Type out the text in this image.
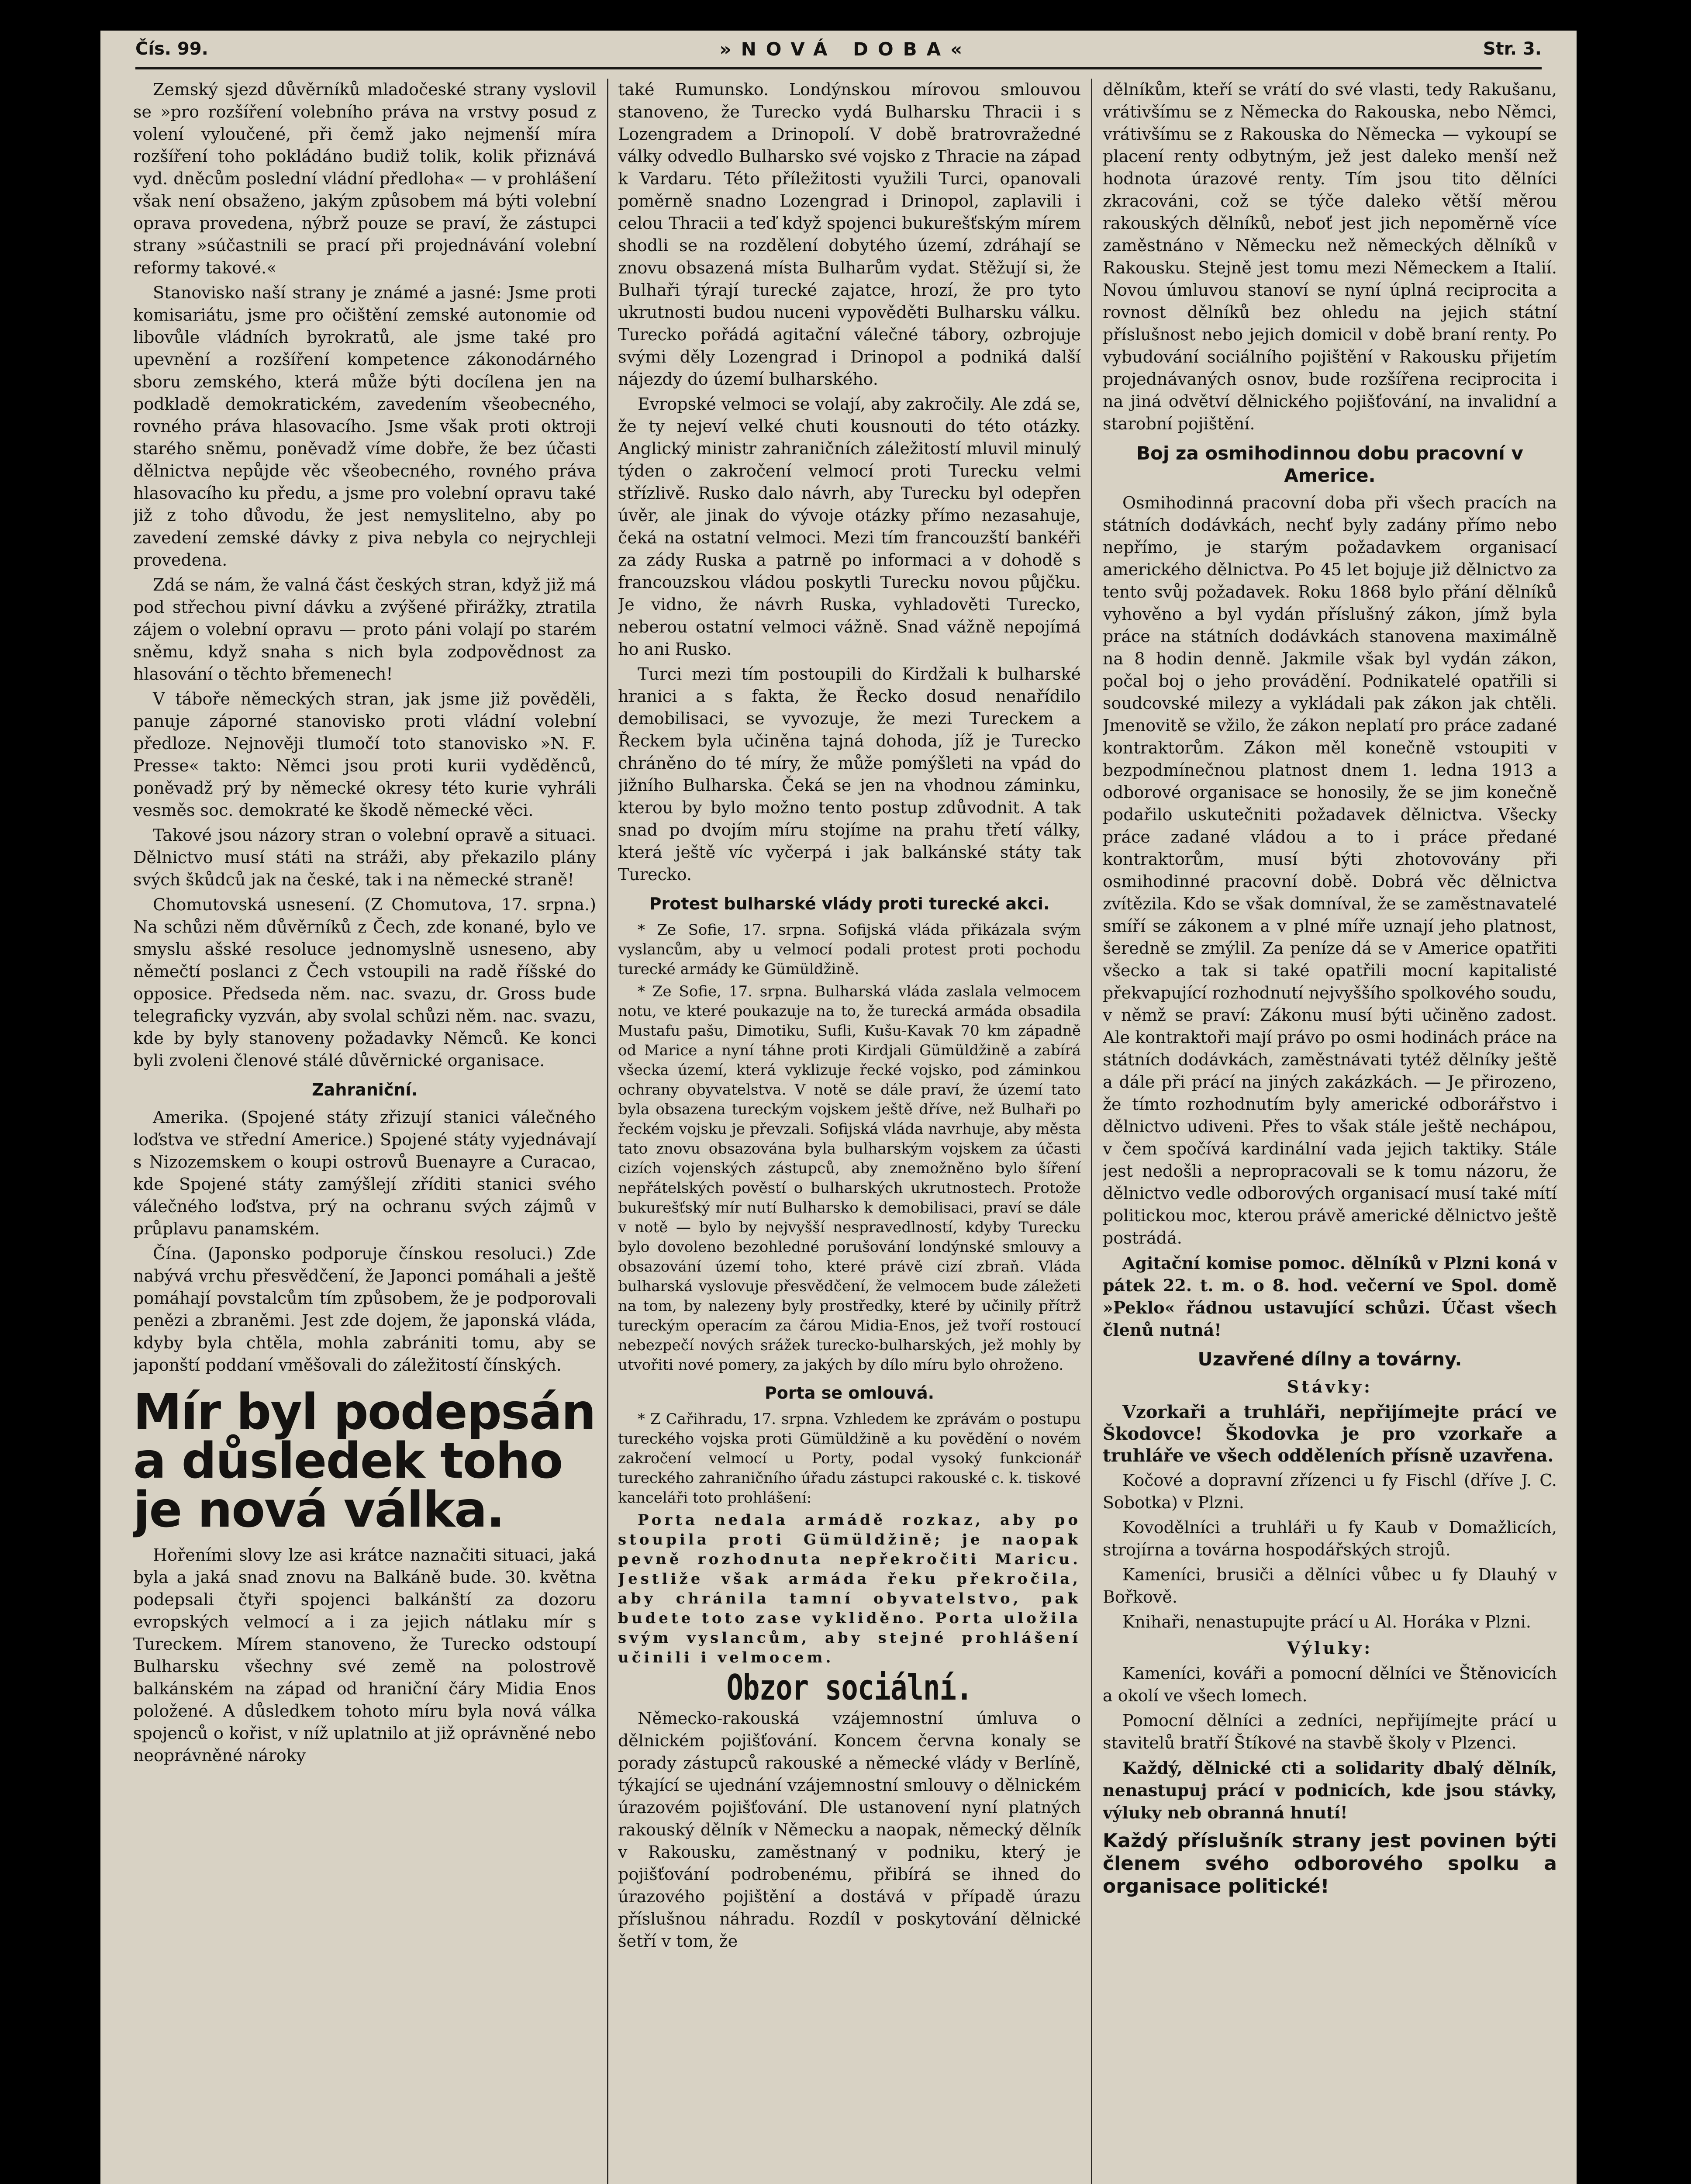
Čís. 99.	»NOVÁ DOBA«	Str. 3.

Zemský sjezd důvěrníků mladočeské strany vyslovil se »pro rozšíření volebního práva na vrstvy posud z volení vyloučené, při čemž jako nejmenší míra rozšíření toho pokládáno budiž tolik, kolik přiznává vyd. dněcům poslední vládní předloha« — v prohlášení však není obsaženo, jakým způsobem má býti volební oprava provedena, nýbrž pouze se praví, že zástupci strany »súčastnili se prací při projednávání volební reformy takové.«

Stanovisko naší strany je známé a jasné: Jsme proti komisariátu, jsme pro očištění zemské autonomie od libovůle vládních byrokratů, ale jsme také pro upevnění a rozšíření kompetence zákonodárného sboru zemského, která může býti docílena jen na podkladě demokratickém, zavedením všeobecného, rovného práva hlasovacího. Jsme však proti oktroji starého sněmu, poněvadž víme dobře, že bez účasti dělnictva nepůjde věc všeobecného, rovného práva hlasovacího ku předu, a jsme pro volební opravu také již z toho důvodu, že jest nemyslitelno, aby po zavedení zemské dávky z piva nebyla co nejrychleji provedena.

Zdá se nám, že valná část českých stran, když již má pod střechou pivní dávku a zvýšené přirážky, ztratila zájem o volební opravu — proto páni volají po starém sněmu, když snaha s nich byla zodpovědnost za hlasování o těchto břemenech!

V táboře německých stran, jak jsme již pověděli, panuje záporné stanovisko proti vládní volební předloze. Nejnověji tlumočí toto stanovisko »N. F. Presse« takto: Němci jsou proti kurii vyděděnců, poněvadž prý by německé okresy této kurie vyhráli vesměs soc. demokraté ke škodě německé věci.

Takové jsou názory stran o volební opravě a situaci. Dělnictvo musí státi na stráži, aby překazilo plány svých škůdců jak na české, tak i na německé straně!

Chomutovská usnesení. (Z Chomutova, 17. srpna.) Na schůzi něm důvěrníků z Čech, zde konané, bylo ve smyslu ašské resoluce jednomyslně usneseno, aby němečtí poslanci z Čech vstoupili na radě říšské do opposice. Předseda něm. nac. svazu, dr. Gross bude telegraficky vyzván, aby svolal schůzi něm. nac. svazu, kde by byly stanoveny požadavky Němců. Ke konci byli zvoleni členové stálé důvěrnické organisace.

Zahraniční.

Amerika. (Spojené státy zřizují stanici válečného loďstva ve střední Americe.) Spojené státy vyjednávají s Nizozemskem o koupi ostrovů Buenayre a Curacao, kde Spojené státy zamýšlejí zříditi stanici svého válečného loďstva, prý na ochranu svých zájmů v průplavu panamském.

Čína. (Japonsko podporuje čínskou resoluci.) Zde nabývá vrchu přesvědčení, že Japonci pomáhali a ještě pomáhají povstalcům tím způsobem, že je podporovali penězi a zbraněmi. Jest zde dojem, že japonská vláda, kdyby byla chtěla, mohla zabrániti tomu, aby se japonští poddaní vměšovali do záležitostí čínských.

Mír byl podepsán a důsledek toho je nová válka.

Hořeními slovy lze asi krátce naznačiti situaci, jaká byla a jaká snad znovu na Balkáně bude. 30. května podepsali čtyři spojenci balkánští za dozoru evropských velmocí a i za jejich nátlaku mír s Tureckem. Mírem stanoveno, že Turecko odstoupí Bulharsku všechny své země na polostrově balkánském na západ od hraniční čáry Midia Enos položené. A důsledkem tohoto míru byla nová válka spojenců o kořist, v níž uplatnilo at již oprávněné nebo neoprávněné nároky

také Rumunsko. Londýnskou mírovou smlouvou stanoveno, že Turecko vydá Bulharsku Thracii i s Lozengradem a Drinopolí. V době bratrovražedné války odvedlo Bulharsko své vojsko z Thracie na západ k Vardaru. Této příležitosti využili Turci, opanovali poměrně snadno Lozengrad i Drinopol, zaplavili i celou Thracii a teď když spojenci bukurešťským mírem shodli se na rozdělení dobytého území, zdráhají se znovu obsazená místa Bulharům vydat. Stěžují si, že Bulhaři týrají turecké zajatce, hrozí, že pro tyto ukrutnosti budou nuceni vypověděti Bulharsku válku. Turecko pořádá agitační válečné tábory, ozbrojuje svými děly Lozengrad i Drinopol a podniká další nájezdy do území bulharského.

Evropské velmoci se volají, aby zakročily. Ale zdá se, že ty nejeví velké chuti kousnouti do této otázky. Anglický ministr zahraničních záležitostí mluvil minulý týden o zakročení velmocí proti Turecku velmi střízlivě. Rusko dalo návrh, aby Turecku byl odepřen úvěr, ale jinak do vývoje otázky přímo nezasahuje, čeká na ostatní velmoci. Mezi tím francouzští bankéři za zády Ruska a patrně po informaci a v dohodě s francouzskou vládou poskytli Turecku novou půjčku. Je vidno, že návrh Ruska, vyhladověti Turecko, neberou ostatní velmoci vážně. Snad vážně nepojímá ho ani Rusko.

Turci mezi tím postoupili do Kirdžali k bulharské hranici a s fakta, že Řecko dosud nenařídilo demobilisaci, se vyvozuje, že mezi Tureckem a Řeckem byla učiněna tajná dohoda, jíž je Turecko chráněno do té míry, že může pomýšleti na vpád do jižního Bulharska. Čeká se jen na vhodnou záminku, kterou by bylo možno tento postup zdůvodnit. A tak snad po dvojím míru stojíme na prahu třetí války, která ještě víc vyčerpá i jak balkánské státy tak Turecko.

Protest bulharské vlády proti turecké akci.

* Ze Sofie, 17. srpna. Sofijská vláda přikázala svým vyslancům, aby u velmocí podali protest proti pochodu turecké armády ke Gümüldžině.

* Ze Sofie, 17. srpna. Bulharská vláda zaslala velmocem notu, ve které poukazuje na to, že turecká armáda obsadila Mustafu pašu, Dimotiku, Sufli, Kušu-Kavak 70 km západně od Marice a nyní táhne proti Kirdjali Gümüldžině a zabírá všecka území, která vyklizuje řecké vojsko, pod záminkou ochrany obyvatelstva. V notě se dále praví, že území tato byla obsazena tureckým vojskem ještě dříve, než Bulhaři po řeckém vojsku je převzali. Sofijská vláda navrhuje, aby města tato znovu obsazována byla bulharským vojskem za účasti cizích vojenských zástupců, aby znemožněno bylo šíření nepřátelských pověstí o bulharských ukrutnostech. Protože bukurešťský mír nutí Bulharsko k demobilisaci, praví se dále v notě — bylo by nejvyšší nespravedlností, kdyby Turecku bylo dovoleno bezohledné porušování londýnské smlouvy a obsazování území toho, které právě cizí zbraň. Vláda bulharská vyslovuje přesvědčení, že velmocem bude záležeti na tom, by nalezeny byly prostředky, které by učinily přítrž tureckým operacím za čárou Midia-Enos, jež tvoří rostoucí nebezpečí nových srážek turecko-bulharských, jež mohly by utvořiti nové pomery, za jakých by dílo míru bylo ohroženo.

Porta se omlouvá.

* Z Cařihradu, 17. srpna. Vzhledem ke zprávám o postupu tureckého vojska proti Gümüldžině a ku povědění o novém zakročení velmocí u Porty, podal vysoký funkcionář tureckého zahraničního úřadu zástupci rakouské c. k. tiskové kanceláři toto prohlášení:

Porta nedala armádě rozkaz, aby po stoupila proti Gümüldžině; je naopak pevně rozhodnuta nepřekročiti Maricu. Jestliže však armáda řeku překročila, aby chránila tamní obyvatelstvo, pak budete toto zase vykliděno. Porta uložila svým vyslancům, aby stejné prohlášení učinili i velmocem.

Obzor sociální.

Německo-rakouská vzájemnostní úmluva o dělnickém pojišťování. Koncem června konaly se porady zástupců rakouské a německé vlády v Berlíně, týkající se ujednání vzájemnostní smlouvy o dělnickém úrazovém pojišťování. Dle ustanovení nyní platných rakouský dělník v Německu a naopak, německý dělník v Rakousku, zaměstnaný v podniku, který je pojišťování podrobenému, přibírá se ihned do úrazového pojištění a dostává v případě úrazu příslušnou náhradu. Rozdíl v poskytování dělnické šetří v tom, že

dělníkům, kteří se vrátí do své vlasti, tedy Rakušanu, vrátivšímu se z Německa do Rakouska, nebo Němci, vrátivšímu se z Rakouska do Německa — vykoupí se placení renty odbytným, jež jest daleko menší než hodnota úrazové renty. Tím jsou tito dělníci zkracováni, což se týče daleko větší měrou rakouských dělníků, neboť jest jich nepoměrně více zaměstnáno v Německu než německých dělníků v Rakousku. Stejně jest tomu mezi Německem a Italií. Novou úmluvou stanoví se nyní úplná reciprocita a rovnost dělníků bez ohledu na jejich státní příslušnost nebo jejich domicil v době braní renty. Po vybudování sociálního pojištění v Rakousku přijetím projednávaných osnov, bude rozšířena reciprocita i na jiná odvětví dělnického pojišťování, na invalidní a starobní pojištění.

Boj za osmihodinnou dobu pracovní v Americe.

Osmihodinná pracovní doba při všech pracích na státních dodávkách, nechť byly zadány přímo nebo nepřímo, je starým požadavkem organisací amerického dělnictva. Po 45 let bojuje již dělnictvo za tento svůj požadavek. Roku 1868 bylo přání dělníků vyhověno a byl vydán příslušný zákon, jímž byla práce na státních dodávkách stanovena maximálně na 8 hodin denně. Jakmile však byl vydán zákon, počal boj o jeho provádění. Podnikatelé opatřili si soudcovské milezy a vykládali pak zákon jak chtěli. Jmenovitě se vžilo, že zákon neplatí pro práce zadané kontraktorům. Zákon měl konečně vstoupiti v bezpodmínečnou platnost dnem 1. ledna 1913 a odborové organisace se honosily, že se jim konečně podařilo uskutečniti požadavek dělnictva. Všecky práce zadané vládou a to i práce předané kontraktorům, musí býti zhotovovány při osmihodinné pracovní době. Dobrá věc dělnictva zvítězila. Kdo se však domníval, že se zaměstnavatelé smíří se zákonem a v plné míře uznají jeho platnost, šeredně se zmýlil. Za peníze dá se v Americe opatřiti všecko a tak si také opatřili mocní kapitalisté překvapující rozhodnutí nejvyššího spolkového soudu, v němž se praví: Zákonu musí býti učiněno zadost. Ale kontraktoři mají právo po osmi hodinách práce na státních dodávkách, zaměstnávati tytéž dělníky ještě a dále při prácí na jiných zakázkách. — Je přirozeno, že tímto rozhodnutím byly americké odborářstvo i dělnictvo udiveni. Přes to však stále ještě nechápou, v čem spočívá kardinální vada jejich taktiky. Stále jest nedošli a nepropracovali se k tomu názoru, že dělnictvo vedle odborových organisací musí také mítí politickou moc, kterou právě americké dělnictvo ještě postrádá.

Agitační komise pomoc. dělníků v Plzni koná v pátek 22. t. m. o 8. hod. večerní ve Spol. domě »Peklo« řádnou ustavující schůzi. Účast všech členů nutná!

Uzavřené dílny a továrny.
Stávky:

Vzorkaři a truhláři, nepřijímejte prácí ve Škodovce! Škodovka je pro vzorkaře a truhláře ve všech odděleních přísně uzavřena.

Kočové a dopravní zřízenci u fy Fischl (dříve J. C. Sobotka) v Plzni.

Kovodělníci a truhláři u fy Kaub v Domažlicích, strojírna a továrna hospodářských strojů.

Kameníci, brusiči a dělníci vůbec u fy Dlauhý v Bořkově.

Knihaři, nenastupujte prácí u Al. Horáka v Plzni.

Výluky:

Kameníci, kováři a pomocní dělníci ve Štěnovicích a okolí ve všech lomech.

Pomocní dělníci a zedníci, nepřijímejte prácí u stavitelů bratří Štíkové na stavbě školy v Plzenci.

Každý, dělnické cti a solidarity dbalý dělník, nenastupuj prácí v podnicích, kde jsou stávky, výluky neb obranná hnutí!

Každý příslušník strany jest povinen býti členem svého odborového spolku a organisace politické!
